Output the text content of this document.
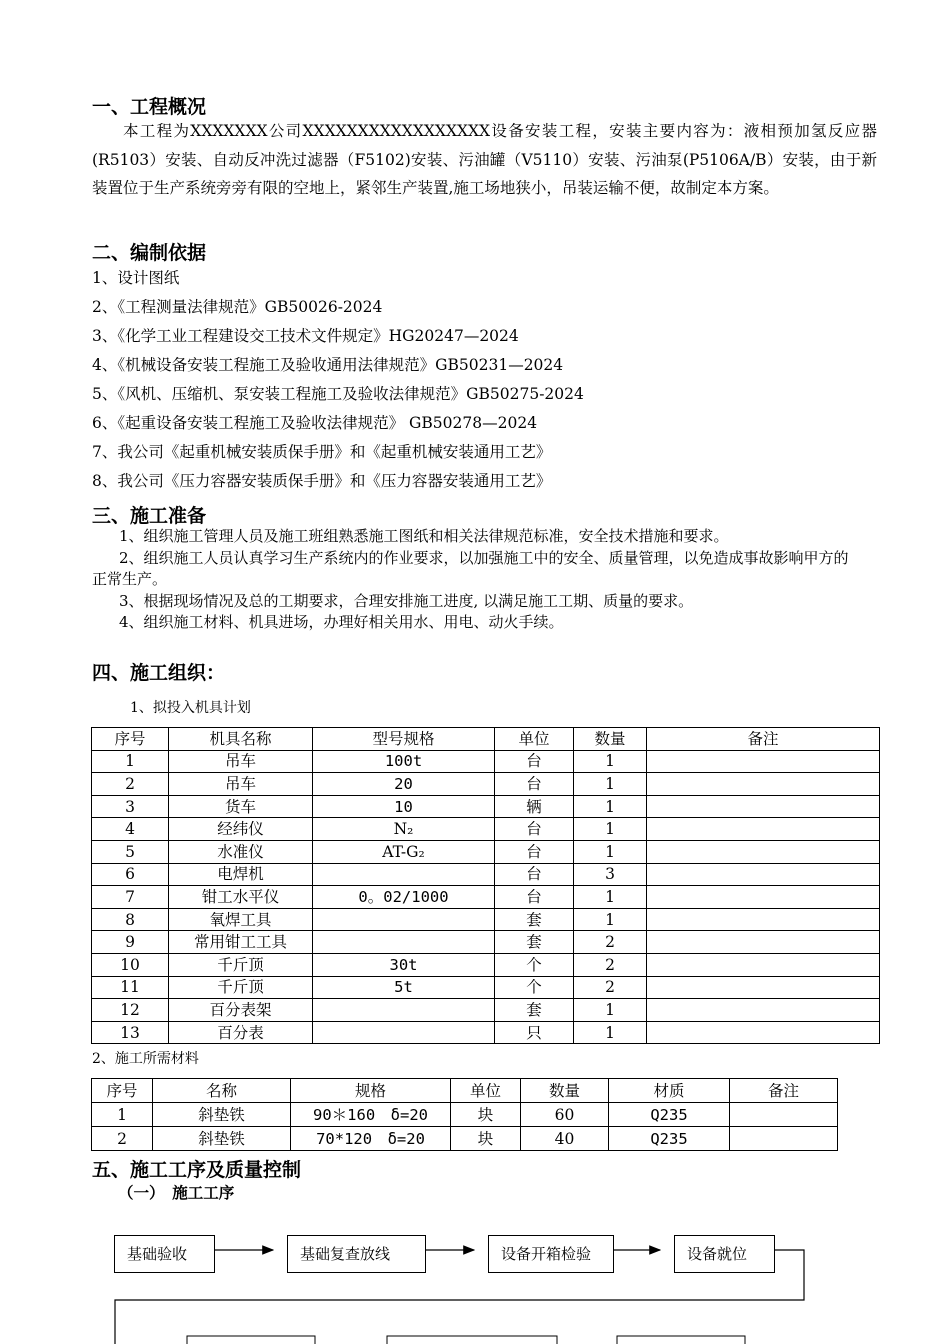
一、工程概况

本工程为XXXXXXX公司XXXXXXXXXXXXXXXXX设备安装工程，安装主要内容为：液相预加氢反应器(R5103）安装、自动反冲洗过滤器（F5102)安装、污油罐（V5110）安装、污油泵(P5106A/B）安装，由于新装置位于生产系统旁旁有限的空地上，紧邻生产装置,施工场地狭小，吊装运输不便，故制定本方案。

二、编制依据
1、设计图纸
2、《工程测量法律规范》GB50026-2024
3、《化学工业工程建设交工技术文件规定》HG20247—2024
4、《机械设备安装工程施工及验收通用法律规范》GB50231—2024
5、《风机、压缩机、泵安装工程施工及验收法律规范》GB50275-2024
6、《起重设备安装工程施工及验收法律规范》 GB50278—2024
7、我公司《起重机械安装质保手册》和《起重机械安装通用工艺》
8、我公司《压力容器安装质保手册》和《压力容器安装通用工艺》
三、施工准备
1、组织施工管理人员及施工班组熟悉施工图纸和相关法律规范标准，安全技术措施和要求。
2、组织施工人员认真学习生产系统内的作业要求，以加强施工中的安全、质量管理，以免造成事故影响甲方的正常生产。
3、根据现场情况及总的工期要求，合理安排施工进度, 以满足施工工期、质量的要求。
4、组织施工材料、机具进场，办理好相关用水、用电、动火手续。
四、施工组织：
1、拟投入机具计划
序号	机具名称	型号规格	单位	数量	备注
1	吊车	100t	台	1	
2	吊车	20	台	1	
3	货车	10	辆	1	
4	经纬仪	N₂	台	1	
5	水准仪	AT-G₂	台	1	
6	电焊机		台	3	
7	钳工水平仪	0。02/1000	台	1	
8	氧焊工具		套	1	
9	常用钳工工具		套	2	
10	千斤顶	30t	个	2	
11	千斤顶	5t	个	2	
12	百分表架		套	1	
13	百分表		只	1	
2、施工所需材料
序号	名称	规格	单位	数量	材质	备注
1	斜垫铁	90＊160　δ=20	块	60	Q235	
2	斜垫铁	70*120　δ=20	块	40	Q235	
五、施工工序及质量控制
（一）　施工工序
基础验收	基础复查放线	设备开箱检验	设备就位
